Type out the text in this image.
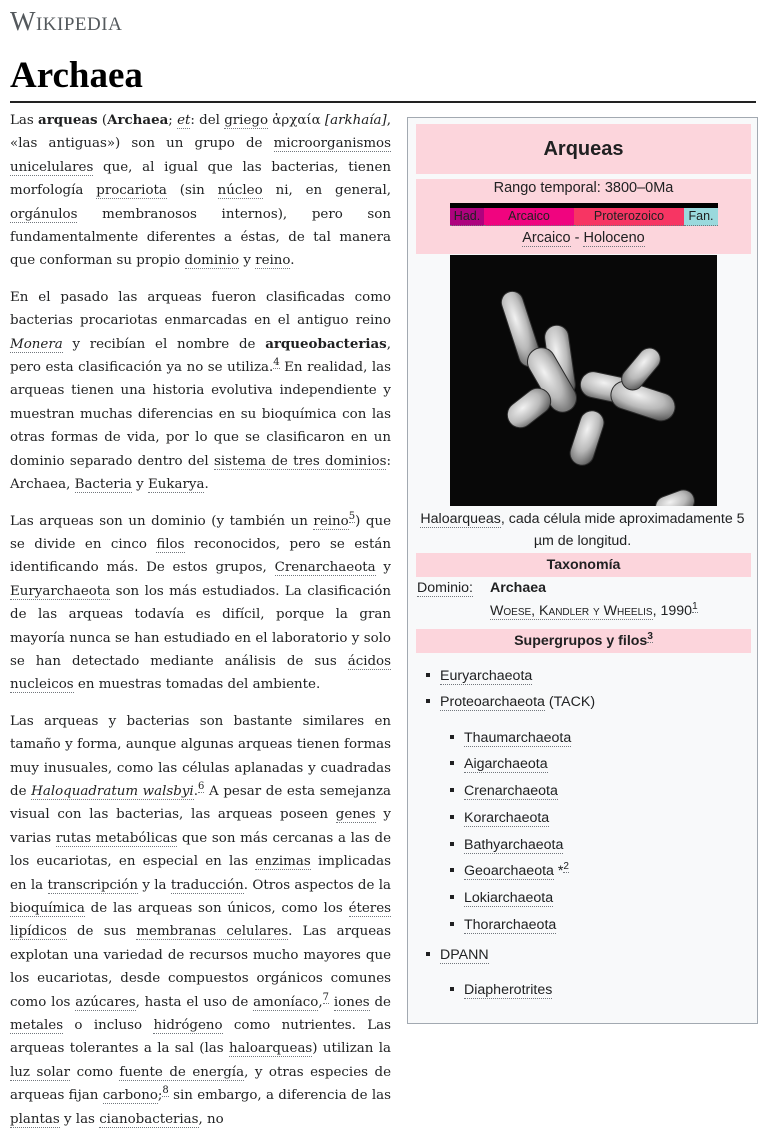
Wikipedia
Archaea

Las arqueas (Archaea; et: del griego ἀρχαία [arkhaía], «las antiguas») son un grupo de microorganismos unicelulares que, al igual que las bacterias, tienen morfología procariota (sin núcleo ni, en general, orgánulos membranosos internos), pero son fundamentalmente diferentes a éstas, de tal manera que conforman su propio dominio y reino.

En el pasado las arqueas fueron clasificadas como bacterias procariotas enmarcadas en el antiguo reino Monera y recibían el nombre de arqueobacterias, pero esta clasificación ya no se utiliza.$^4$ En realidad, las arqueas tienen una historia evolutiva independiente y muestran muchas diferencias en su bioquímica con las otras formas de vida, por lo que se clasificaron en un dominio separado dentro del sistema de tres dominios: Archaea, Bacteria y Eukarya.

Las arqueas son un dominio (y también un reino$^5$) que se divide en cinco filos reconocidos, pero se están identificando más. De estos grupos, Crenarchaeota y Euryarchaeota son los más estudiados. La clasificación de las arqueas todavía es difícil, porque la gran mayoría nunca se han estudiado en el laboratorio y solo se han detectado mediante análisis de sus ácidos nucleicos en muestras tomadas del ambiente.

Las arqueas y bacterias son bastante similares en tamaño y forma, aunque algunas arqueas tienen formas muy inusuales, como las células aplanadas y cuadradas de Haloquadratum walsbyi.$^6$ A pesar de esta semejanza visual con las bacterias, las arqueas poseen genes y varias rutas metabólicas que son más cercanas a las de los eucariotas, en especial en las enzimas implicadas en la transcripción y la traducción. Otros aspectos de la bioquímica de las arqueas son únicos, como los éteres lipídicos de sus membranas celulares. Las arqueas explotan una variedad de recursos mucho mayores que los eucariotas, desde compuestos orgánicos comunes como los azúcares, hasta el uso de amoníaco,$^7$ iones de metales o incluso hidrógeno como nutrientes. Las arqueas tolerantes a la sal (las haloarqueas) utilizan la luz solar como fuente de energía, y otras especies de arqueas fijan carbono;$^8$ sin embargo, a diferencia de las plantas y las cianobacterias, no

Arqueas
Rango temporal: 3800–0Ma
Had.	Arcaico	Proterozoico	Fan.
Arcaico - Holoceno
Haloarqueas, cada célula mide aproximadamente 5 µm de longitud.
Taxonomía
Dominio: Archaea
Woese, Kandler y Wheelis, 1990$^1$
Supergrupos y filos$^3$
Euryarchaeota
Proteoarchaeota (TACK)
Thaumarchaeota
Aigarchaeota
Crenarchaeota
Korarchaeota
Bathyarchaeota
Geoarchaeota *$^2$
Lokiarchaeota
Thorarchaeota
DPANN
Diapherotrites
